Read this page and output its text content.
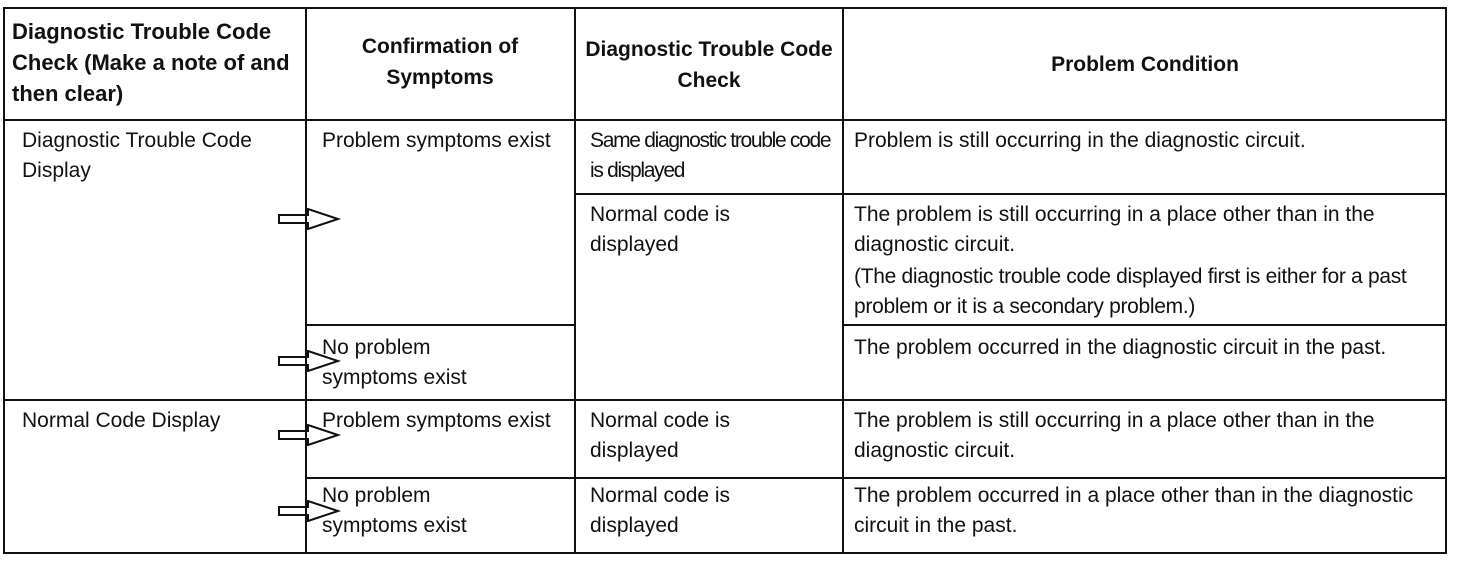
Diagnostic Trouble Code Check (Make a note of and then clear)
Confirmation of Symptoms
Diagnostic Trouble Code Check
Problem Condition
Diagnostic Trouble Code Display
Normal Code Display
Problem symptoms exist
No problem symptoms exist
Problem symptoms exist
No problem symptoms exist
Same diagnostic trouble code is displayed
Normal code is displayed
Normal code is displayed
Normal code is displayed
Problem is still occurring in the diagnostic circuit.
The problem is still occurring in a place other than in the diagnostic circuit.
(The diagnostic trouble code displayed first is either for a past problem or it is a secondary problem.)
The problem occurred in the diagnostic circuit in the past.
The problem is still occurring in a place other than in the diagnostic circuit.
The problem occurred in a place other than in the diagnostic circuit in the past.
